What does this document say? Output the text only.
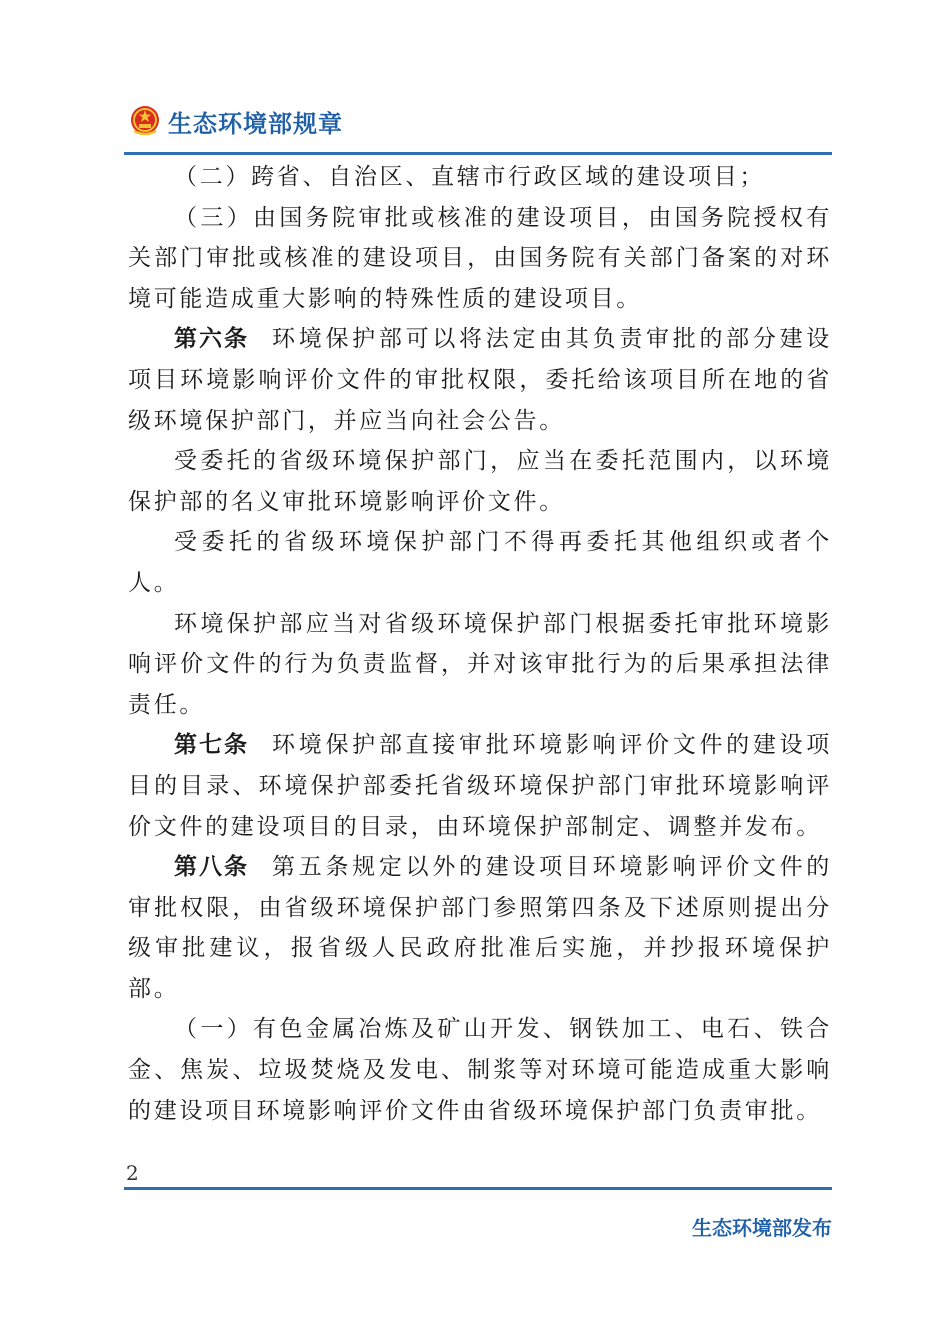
生态环境部规章

（二）跨省、自治区、直辖市行政区域的建设项目；

（三）由国务院审批或核准的建设项目，由国务院授权有关部门审批或核准的建设项目，由国务院有关部门备案的对环境可能造成重大影响的特殊性质的建设项目。

第六条 环境保护部可以将法定由其负责审批的部分建设项目环境影响评价文件的审批权限，委托给该项目所在地的省级环境保护部门，并应当向社会公告。

受委托的省级环境保护部门，应当在委托范围内，以环境保护部的名义审批环境影响评价文件。

受委托的省级环境保护部门不得再委托其他组织或者个人。

环境保护部应当对省级环境保护部门根据委托审批环境影响评价文件的行为负责监督，并对该审批行为的后果承担法律责任。

第七条 环境保护部直接审批环境影响评价文件的建设项目的目录、环境保护部委托省级环境保护部门审批环境影响评价文件的建设项目的目录，由环境保护部制定、调整并发布。

第八条 第五条规定以外的建设项目环境影响评价文件的审批权限，由省级环境保护部门参照第四条及下述原则提出分级审批建议，报省级人民政府批准后实施，并抄报环境保护部。

（一）有色金属冶炼及矿山开发、钢铁加工、电石、铁合金、焦炭、垃圾焚烧及发电、制浆等对环境可能造成重大影响的建设项目环境影响评价文件由省级环境保护部门负责审批。

2
生态环境部发布
